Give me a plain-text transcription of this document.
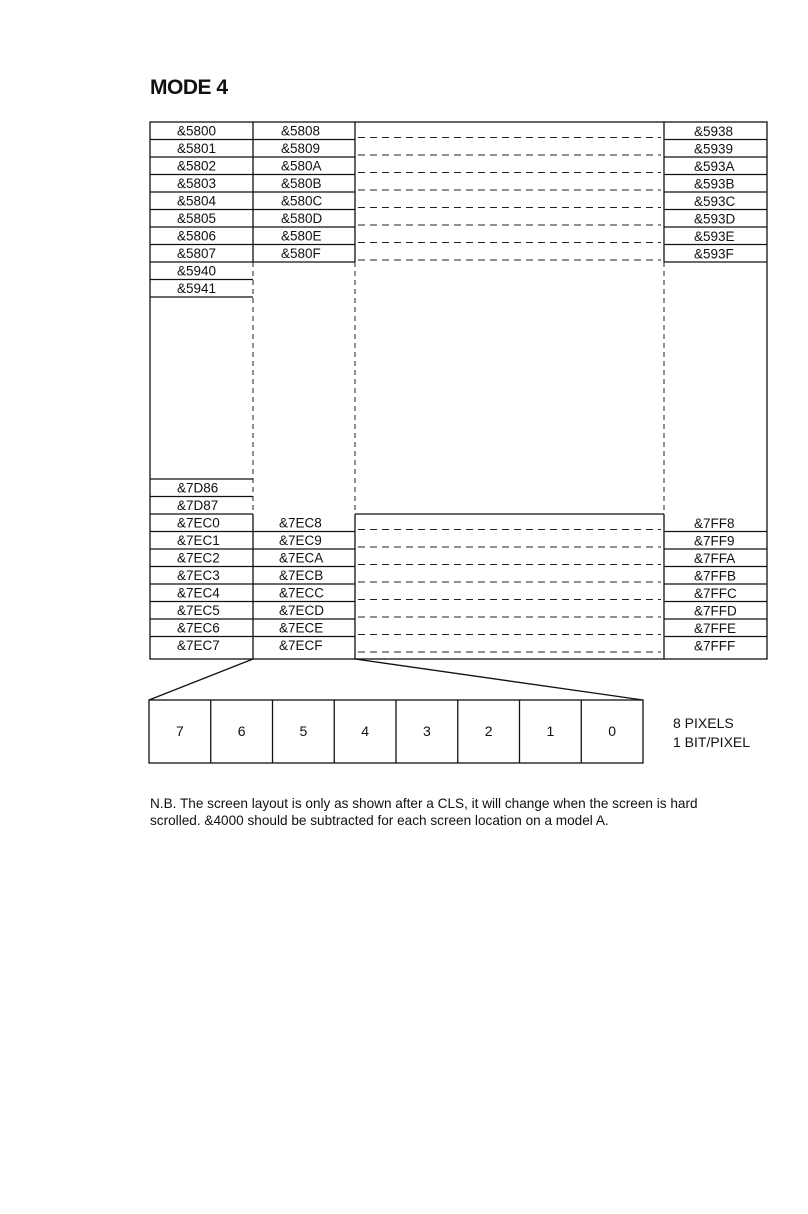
MODE 4
&5800	&5808	&5938
&5801	&5809	&5939
&5802	&580A	&593A
&5803	&580B	&593B
&5804	&580C	&593C
&5805	&580D	&593D
&5806	&580E	&593E
&5807	&580F	&593F
&5940
&5941
&7D86
&7D87
&7EC0	&7EC8	&7FF8
&7EC1	&7EC9	&7FF9
&7EC2	&7ECA	&7FFA
&7EC3	&7ECB	&7FFB
&7EC4	&7ECC	&7FFC
&7EC5	&7ECD	&7FFD
&7EC6	&7ECE	&7FFE
&7EC7	&7ECF	&7FFF
7	6	5	4	3	2	1	0	8 PIXELS
1 BIT/PIXEL
N.B. The screen layout is only as shown after a CLS, it will change when the screen is hard
scrolled. &4000 should be subtracted for each screen location on a model A.
